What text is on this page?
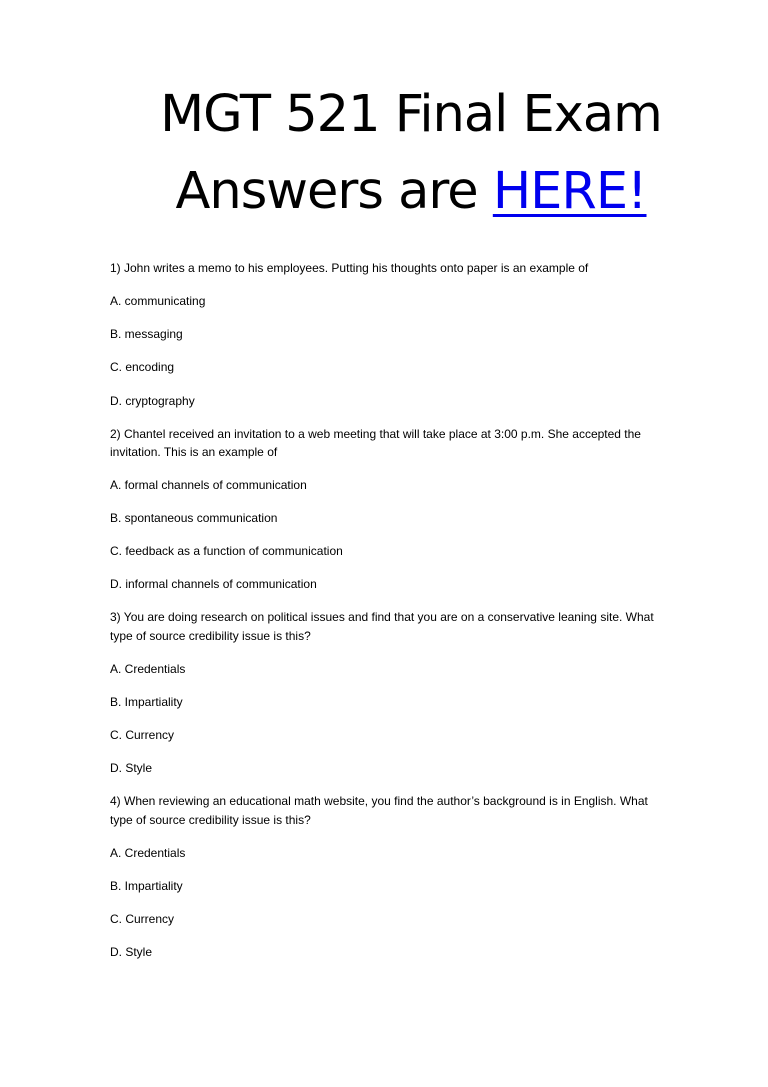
MGT 521 Final Exam
Answers are HERE!

1) John writes a memo to his employees. Putting his thoughts onto paper is an example of

A. communicating

B. messaging

C. encoding

D. cryptography

2) Chantel received an invitation to a web meeting that will take place at 3:00 p.m. She accepted the

invitation. This is an example of

A. formal channels of communication

B. spontaneous communication

C. feedback as a function of communication

D. informal channels of communication

3) You are doing research on political issues and find that you are on a conservative leaning site. What

type of source credibility issue is this?

A. Credentials

B. Impartiality

C. Currency

D. Style

4) When reviewing an educational math website, you find the author’s background is in English. What

type of source credibility issue is this?

A. Credentials

B. Impartiality

C. Currency

D. Style
